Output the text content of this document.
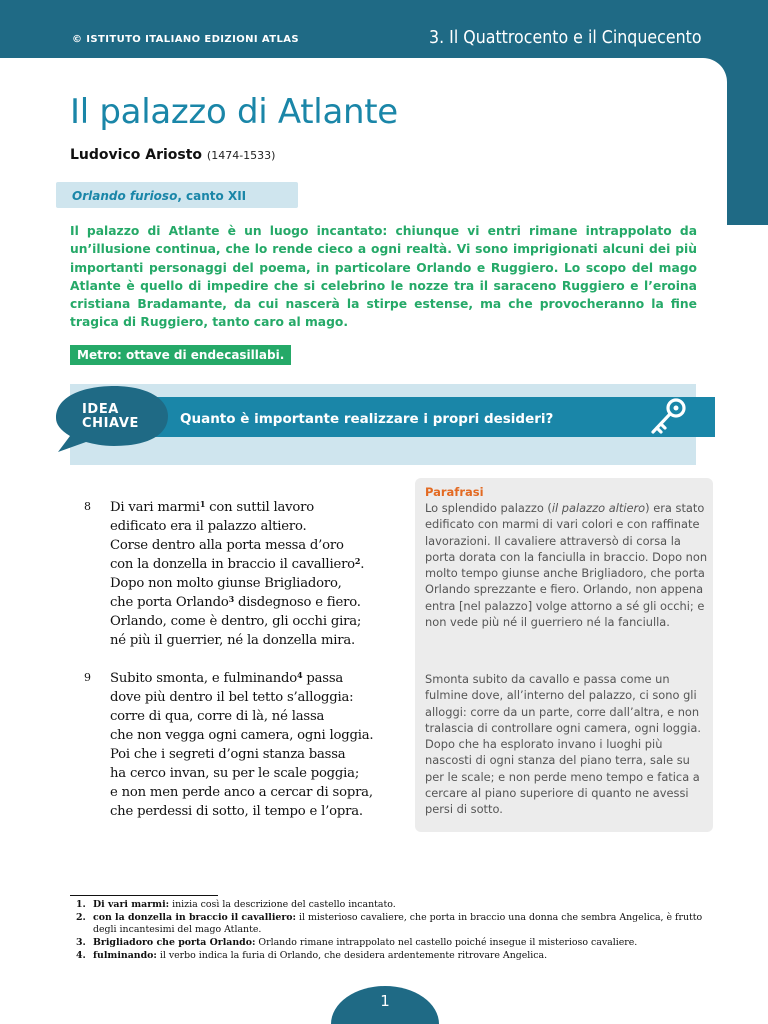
© ISTITUTO ITALIANO EDIZIONI ATLAS	3. Il Quattrocento e il Cinquecento
Il palazzo di Atlante
Ludovico Ariosto (1474-1533)
Orlando furioso, canto XII

Il palazzo di Atlante è un luogo incantato: chiunque vi entri rimane intrappolato da un’illusione continua, che lo rende cieco a ogni realtà. Vi sono imprigionati alcuni dei più importanti personaggi del poema, in particolare Orlando e Ruggiero. Lo scopo del mago Atlante è quello di impedire che si celebrino le nozze tra il saraceno Ruggiero e l’eroina cristiana Bradamante, da cui nascerà la stirpe estense, ma che provocheranno la fine tragica di Ruggiero, tanto caro al mago.

Metro: ottave di endecasillabi.
IDEA
CHIAVE	Quanto è importante realizzare i propri desideri?
8 Di vari marmi$^1$ con suttil lavoro
edificato era il palazzo altiero.
Corse dentro alla porta messa d’oro
con la donzella in braccio il cavalliero$^2$.
Dopo non molto giunse Brigliadoro,
che porta Orlando$^3$ disdegnoso e fiero.
Orlando, come è dentro, gli occhi gira;
né più il guerrier, né la donzella mira.
9 Subito smonta, e fulminando$^4$ passa
dove più dentro il bel tetto s’alloggia:
corre di qua, corre di là, né lassa
che non vegga ogni camera, ogni loggia.
Poi che i segreti d’ogni stanza bassa
ha cerco invan, su per le scale poggia;
e non men perde anco a cercar di sopra,
che perdessi di sotto, il tempo e l’opra.
Parafrasi

Lo splendido palazzo (il palazzo altiero) era stato edificato con marmi di vari colori e con raffinate lavorazioni. Il cavaliere attraversò di corsa la porta dorata con la fanciulla in braccio. Dopo non molto tempo giunse anche Brigliadoro, che porta Orlando sprezzante e fiero. Orlando, non appena entra [nel palazzo] volge attorno a sé gli occhi; e non vede più né il guerriero né la fanciulla.

Smonta subito da cavallo e passa come un fulmine dove, all’interno del palazzo, ci sono gli alloggi: corre da un parte, corre dall’altra, e non tralascia di controllare ogni camera, ogni loggia. Dopo che ha esplorato invano i luoghi più nascosti di ogni stanza del piano terra, sale su per le scale; e non perde meno tempo e fatica a cercare al piano superiore di quanto ne avessi persi di sotto.

1. Di vari marmi: inizia così la descrizione del castello incantato.
2. con la donzella in braccio il cavalliero: il misterioso cavaliere, che porta in braccio una donna che sembra Angelica, è frutto degli incantesimi del mago Atlante.
3. Brigliadoro che porta Orlando: Orlando rimane intrappolato nel castello poiché insegue il misterioso cavaliere.
4. fulminando: il verbo indica la furia di Orlando, che desidera ardentemente ritrovare Angelica.
1
